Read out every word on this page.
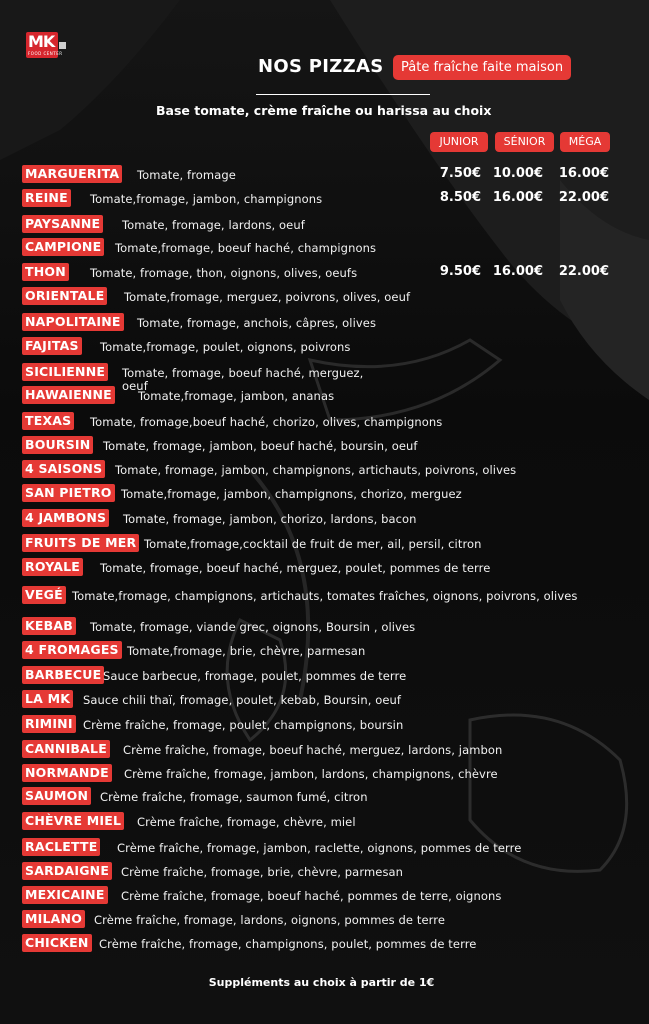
MK
FOOD CENTER
NOS PIZZAS	Pâte fraîche faite maison
Base tomate, crème fraîche ou harissa au choix
JUNIOR	SÉNIOR	MÉGA
MARGUERITA Tomate, fromage	7.50€ 10.00€ 16.00€
REINE Tomate,fromage, jambon, champignons	8.50€ 16.00€ 22.00€
PAYSANNE Tomate, fromage, lardons, oeuf
CAMPIONE Tomate,fromage, boeuf haché, champignons
THON Tomate, fromage, thon, oignons, olives, oeufs	9.50€ 16.00€ 22.00€
ORIENTALE Tomate,fromage, merguez, poivrons, olives, oeuf
NAPOLITAINE Tomate, fromage, anchois, câpres, olives
FAJITAS Tomate,fromage, poulet, oignons, poivrons
SICILIENNE Tomate, fromage, boeuf haché, merguez,
oeuf
HAWAIENNE Tomate,fromage, jambon, ananas
TEXAS Tomate, fromage,boeuf haché, chorizo, olives, champignons
BOURSIN Tomate, fromage, jambon, boeuf haché, boursin, oeuf
4 SAISONS Tomate, fromage, jambon, champignons, artichauts, poivrons, olives
SAN PIETRO Tomate,fromage, jambon, champignons, chorizo, merguez
4 JAMBONS Tomate, fromage, jambon, chorizo, lardons, bacon
FRUITS DE MER Tomate,fromage,cocktail de fruit de mer, ail, persil, citron
ROYALE Tomate, fromage, boeuf haché, merguez, poulet, pommes de terre
VEGÉ Tomate,fromage, champignons, artichauts, tomates fraîches, oignons, poivrons, olives
KEBAB Tomate, fromage, viande grec, oignons, Boursin , olives
4 FROMAGES Tomate,fromage, brie, chèvre, parmesan
BARBECUE Sauce barbecue, fromage, poulet, pommes de terre
LA MK Sauce chili thaï, fromage, poulet, kebab, Boursin, oeuf
RIMINI Crème fraîche, fromage, poulet, champignons, boursin
CANNIBALE Crème fraîche, fromage, boeuf haché, merguez, lardons, jambon
NORMANDE Crème fraîche, fromage, jambon, lardons, champignons, chèvre
SAUMON Crème fraîche, fromage, saumon fumé, citron
CHÈVRE MIEL Crème fraîche, fromage, chèvre, miel
RACLETTE Crème fraîche, fromage, jambon, raclette, oignons, pommes de terre
SARDAIGNE Crème fraîche, fromage, brie, chèvre, parmesan
MEXICAINE Crème fraîche, fromage, boeuf haché, pommes de terre, oignons
MILANO Crème fraîche, fromage, lardons, oignons, pommes de terre
CHICKEN Crème fraîche, fromage, champignons, poulet, pommes de terre
Suppléments au choix à partir de 1€
